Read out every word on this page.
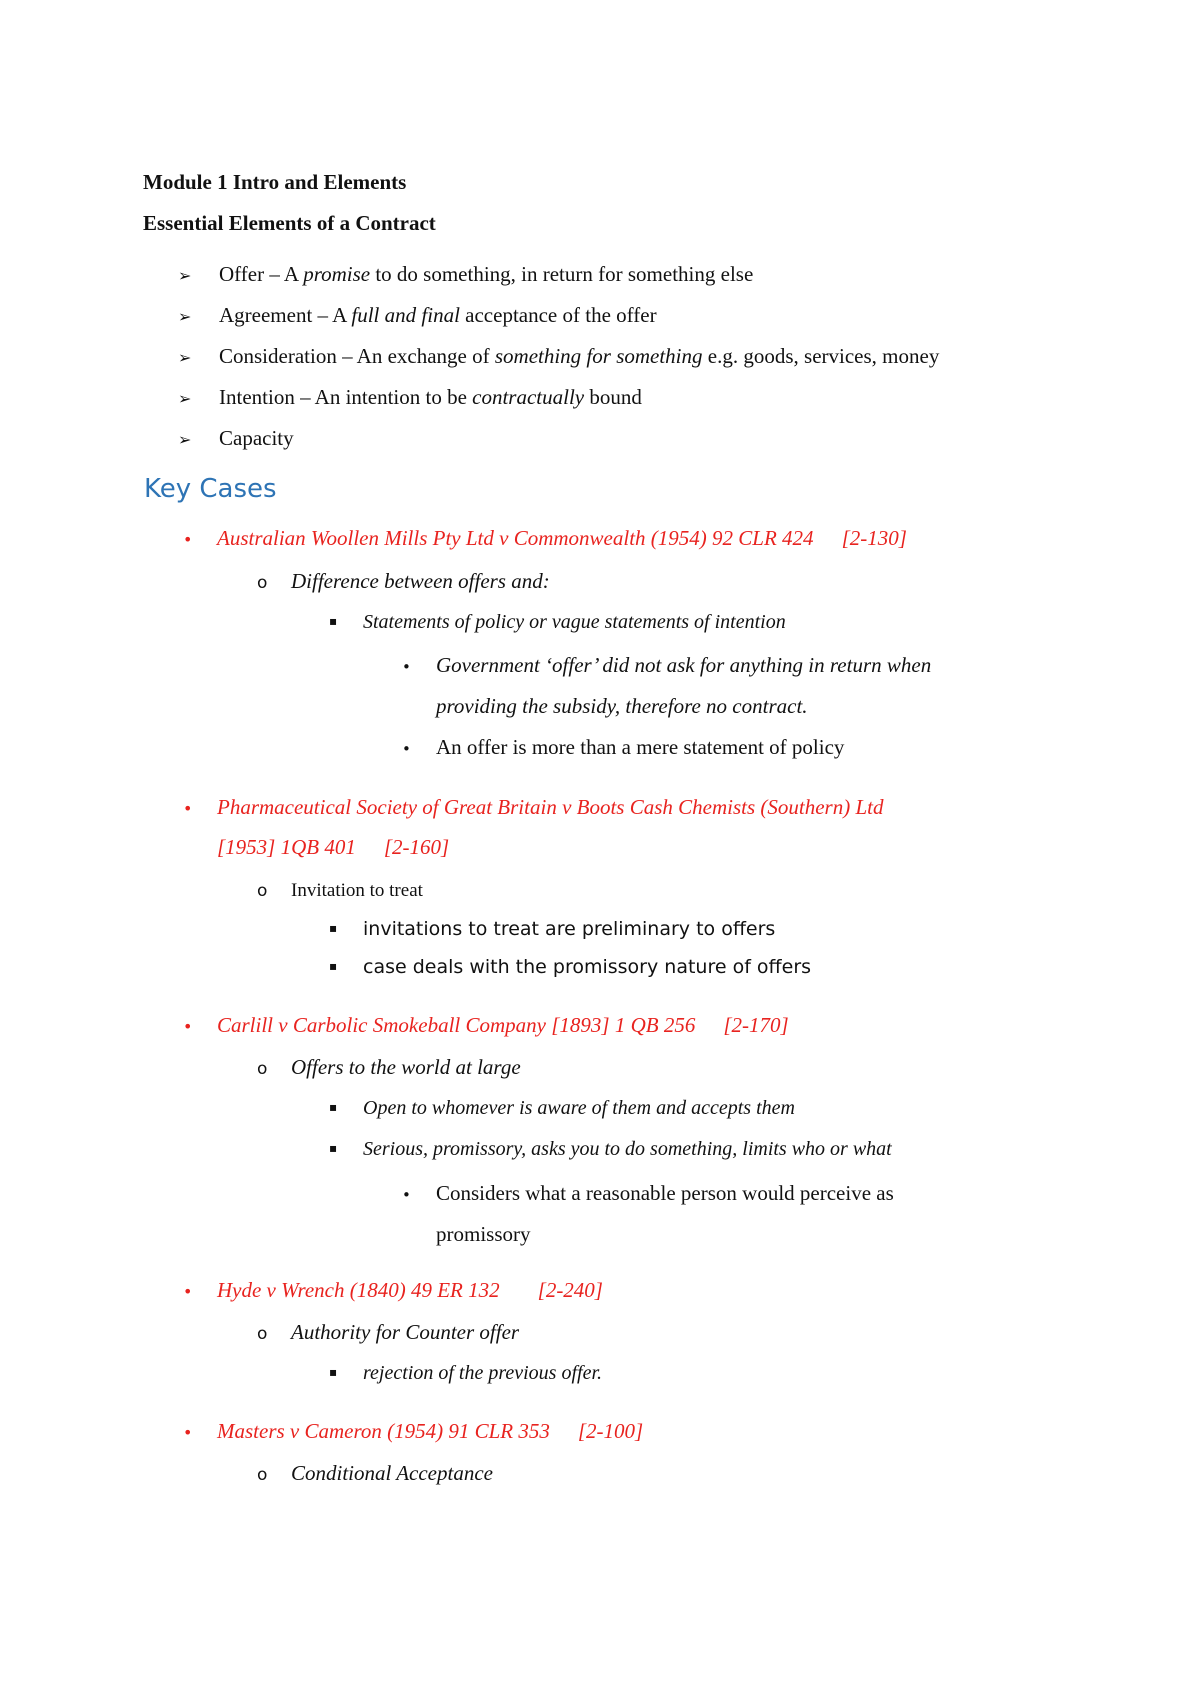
Module 1 Intro and Elements
Essential Elements of a Contract
➢ Offer – A promise to do something, in return for something else
➢ Agreement – A full and final acceptance of the offer
➢ Consideration – An exchange of something for something e.g. goods, services, money
➢ Intention – An intention to be contractually bound
➢ Capacity
Key Cases
• Australian Woollen Mills Pty Ltd v Commonwealth (1954) 92 CLR 424 [2-130]
o Difference between offers and:
▪ Statements of policy or vague statements of intention
• Government ‘offer’ did not ask for anything in return when
providing the subsidy, therefore no contract.
• An offer is more than a mere statement of policy
• Pharmaceutical Society of Great Britain v Boots Cash Chemists (Southern) Ltd
[1953] 1QB 401 [2-160]
o Invitation to treat
▪ invitations to treat are preliminary to offers
▪ case deals with the promissory nature of offers
• Carlill v Carbolic Smokeball Company [1893] 1 QB 256 [2-170]
o Offers to the world at large
▪ Open to whomever is aware of them and accepts them
▪ Serious, promissory, asks you to do something, limits who or what
• Considers what a reasonable person would perceive as
promissory
• Hyde v Wrench (1840) 49 ER 132 [2-240]
o Authority for Counter offer
▪ rejection of the previous offer.
• Masters v Cameron (1954) 91 CLR 353 [2-100]
o Conditional Acceptance
